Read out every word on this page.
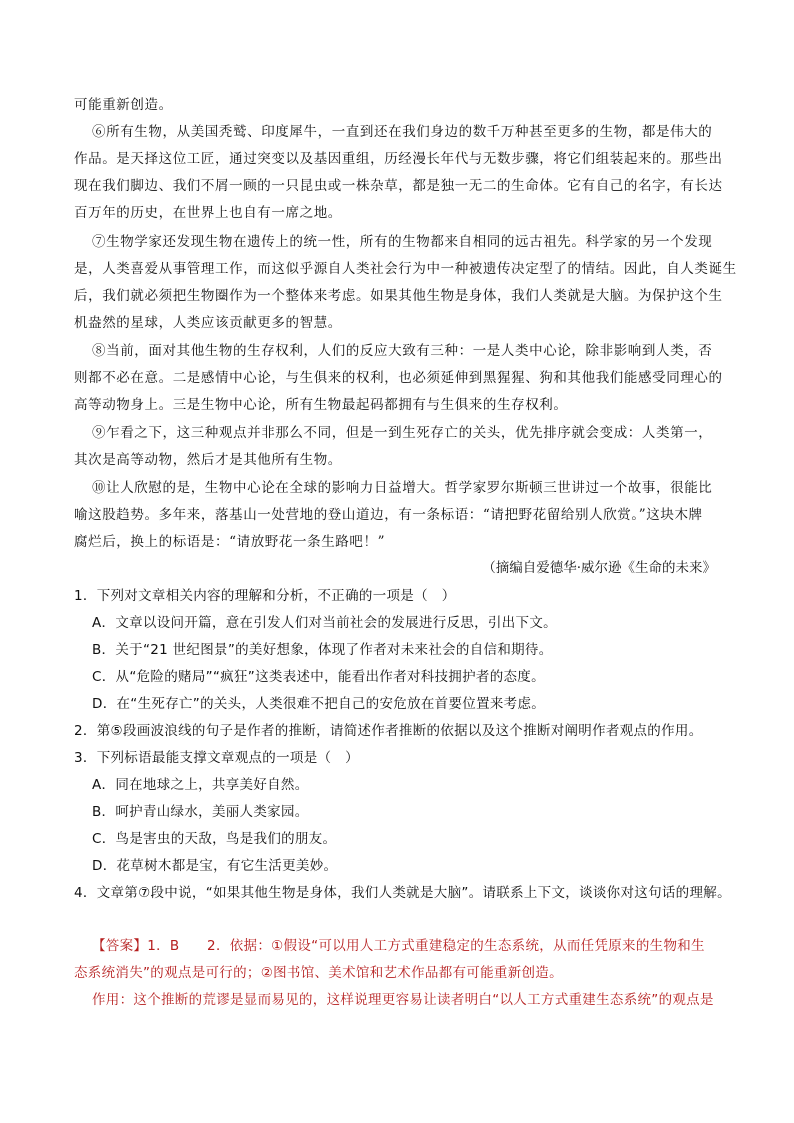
可能重新创造。
⑥所有生物，从美国秃鹫、印度犀牛，一直到还在我们身边的数千万种甚至更多的生物，都是伟大的
作品。是天择这位工匠，通过突变以及基因重组，历经漫长年代与无数步骤，将它们组装起来的。那些出
现在我们脚边、我们不屑一顾的一只昆虫或一株杂草，都是独一无二的生命体。它有自己的名字，有长达
百万年的历史，在世界上也自有一席之地。
⑦生物学家还发现生物在遗传上的统一性，所有的生物都来自相同的远古祖先。科学家的另一个发现
是，人类喜爱从事管理工作，而这似乎源自人类社会行为中一种被遗传决定型了的情结。因此，自人类诞生
后，我们就必须把生物圈作为一个整体来考虑。如果其他生物是身体，我们人类就是大脑。为保护这个生
机盎然的星球，人类应该贡献更多的智慧。
⑧当前，面对其他生物的生存权利，人们的反应大致有三种：一是人类中心论，除非影响到人类，否
则都不必在意。二是感情中心论，与生俱来的权利，也必须延伸到黑猩猩、狗和其他我们能感受同理心的
高等动物身上。三是生物中心论，所有生物最起码都拥有与生俱来的生存权利。
⑨乍看之下，这三种观点并非那么不同，但是一到生死存亡的关头，优先排序就会变成：人类第一，
其次是高等动物，然后才是其他所有生物。
⑩让人欣慰的是，生物中心论在全球的影响力日益增大。哲学家罗尔斯顿三世讲过一个故事，很能比
喻这股趋势。多年来，落基山一处营地的登山道边，有一条标语：“请把野花留给别人欣赏。”这块木牌
腐烂后，换上的标语是：“请放野花一条生路吧！”
（摘编自爱德华·威尔逊《生命的未来》
1．下列对文章相关内容的理解和分析，不正确的一项是（　）
A．文章以设问开篇，意在引发人们对当前社会的发展进行反思，引出下文。
B．关于“21 世纪图景”的美好想象，体现了作者对未来社会的自信和期待。
C．从“危险的赌局”“疯狂”这类表述中，能看出作者对科技拥护者的态度。
D．在“生死存亡”的关头，人类很难不把自己的安危放在首要位置来考虑。
2．第⑤段画波浪线的句子是作者的推断，请简述作者推断的依据以及这个推断对阐明作者观点的作用。
3．下列标语最能支撑文章观点的一项是（　）
A．同在地球之上，共享美好自然。
B．呵护青山绿水，美丽人类家园。
C．鸟是害虫的天敌，鸟是我们的朋友。
D．花草树木都是宝，有它生活更美妙。
4．文章第⑦段中说，“如果其他生物是身体，我们人类就是大脑”。请联系上下文，谈谈你对这句话的理解。
【答案】1．B　　2．依据：①假设“可以用人工方式重建稳定的生态系统，从而任凭原来的生物和生
态系统消失”的观点是可行的；②图书馆、美术馆和艺术作品都有可能重新创造。
作用：这个推断的荒谬是显而易见的，这样说理更容易让读者明白“以人工方式重建生态系统”的观点是
